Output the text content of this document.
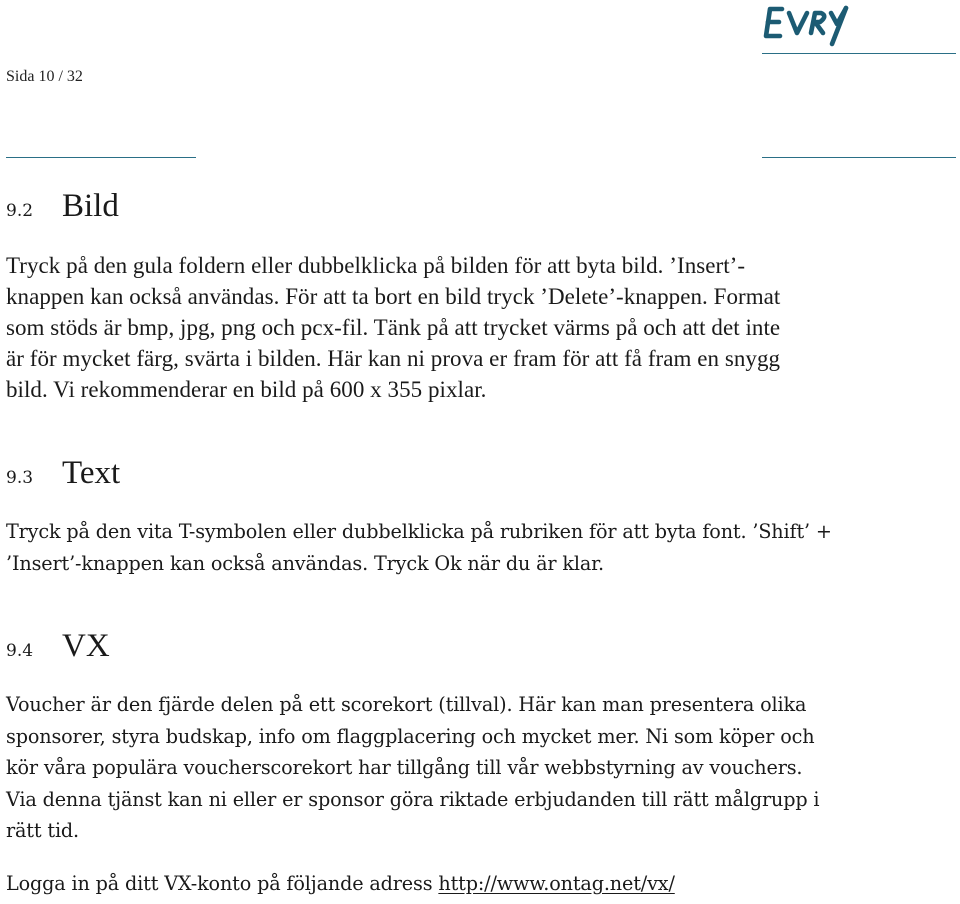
Sida 10 / 32
9.2 Bild
Tryck på den gula foldern eller dubbelklicka på bilden för att byta bild. ’Insert’-
knappen kan också användas. För att ta bort en bild tryck ’Delete’-knappen. Format
som stöds är bmp, jpg, png och pcx-fil. Tänk på att trycket värms på och att det inte
är för mycket färg, svärta i bilden. Här kan ni prova er fram för att få fram en snygg
bild. Vi rekommenderar en bild på 600 x 355 pixlar.
9.3 Text
Tryck på den vita T-symbolen eller dubbelklicka på rubriken för att byta font. ’Shift’ +
’Insert’-knappen kan också användas. Tryck Ok när du är klar.
9.4 VX
Voucher är den fjärde delen på ett scorekort (tillval). Här kan man presentera olika
sponsorer, styra budskap, info om flaggplacering och mycket mer. Ni som köper och
kör våra populära voucherscorekort har tillgång till vår webbstyrning av vouchers.
Via denna tjänst kan ni eller er sponsor göra riktade erbjudanden till rätt målgrupp i
rätt tid.
Logga in på ditt VX-konto på följande adress http://www.ontag.net/vx/
